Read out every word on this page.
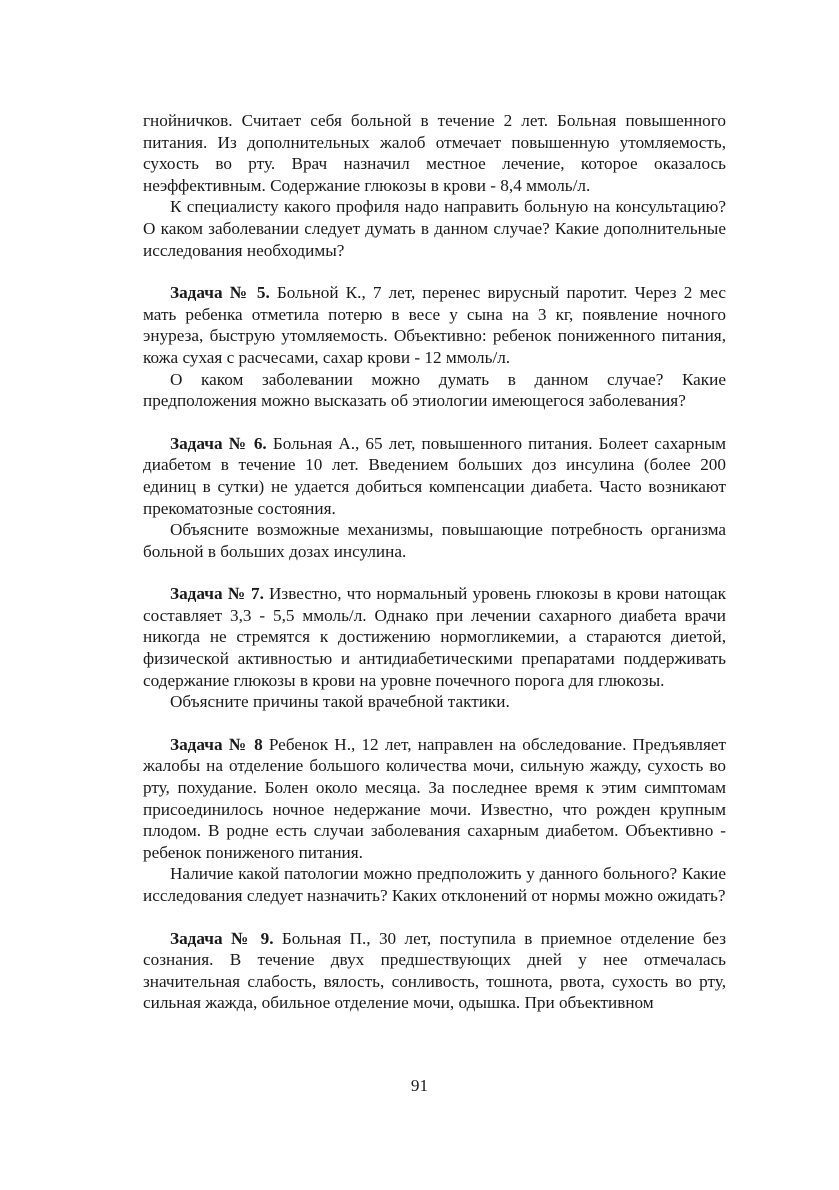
гнойничков. Считает себя больной в течение 2 лет. Больная повышенного питания. Из дополнительных жалоб отмечает повышенную утомляемость, сухость во рту. Врач назначил местное лечение, которое оказалось неэффективным. Содержание глюкозы в крови - 8,4 ммоль/л.

К специалисту какого профиля надо направить больную на консультацию? О каком заболевании следует думать в данном случае? Какие дополнительные исследования необходимы?

Задача № 5. Больной К., 7 лет, перенес вирусный паротит. Через 2 мес мать ребенка отметила потерю в весе у сына на 3 кг, появление ночного энуреза, быструю утомляемость. Объективно: ребенок пониженного питания, кожа сухая с расчесами, сахар крови - 12 ммоль/л.

О каком заболевании можно думать в данном случае? Какие предположения можно высказать об этиологии имеющегося заболевания?

Задача № 6. Больная А., 65 лет, повышенного питания. Болеет сахарным диабетом в течение 10 лет. Введением больших доз инсулина (более 200 единиц в сутки) не удается добиться компенсации диабета. Часто возникают прекоматозные состояния.

Объясните возможные механизмы, повышающие потребность организма больной в больших дозах инсулина.

Задача № 7. Известно, что нормальный уровень глюкозы в крови натощак составляет 3,3 - 5,5 ммоль/л. Однако при лечении сахарного диабета врачи никогда не стремятся к достижению нормогликемии, а стараются диетой, физической активностью и антидиабетическими препаратами поддерживать содержание глюкозы в крови на уровне почечного порога для глюкозы.

Объясните причины такой врачебной тактики.

Задача № 8 Ребенок Н., 12 лет, направлен на обследование. Предъявляет жалобы на отделение большого количества мочи, сильную жажду, сухость во рту, похудание. Болен около месяца. За последнее время к этим симптомам присоединилось ночное недержание мочи. Известно, что рожден крупным плодом. В родне есть случаи заболевания сахарным диабетом. Объективно - ребенок пониженого питания.

Наличие какой патологии можно предположить у данного больного? Какие исследования следует назначить? Каких отклонений от нормы можно ожидать?

Задача № 9. Больная П., 30 лет, поступила в приемное отделение без сознания. В течение двух предшествующих дней у нее отмечалась значительная слабость, вялость, сонливость, тошнота, рвота, сухость во рту, сильная жажда, обильное отделение мочи, одышка. При объективном

91
